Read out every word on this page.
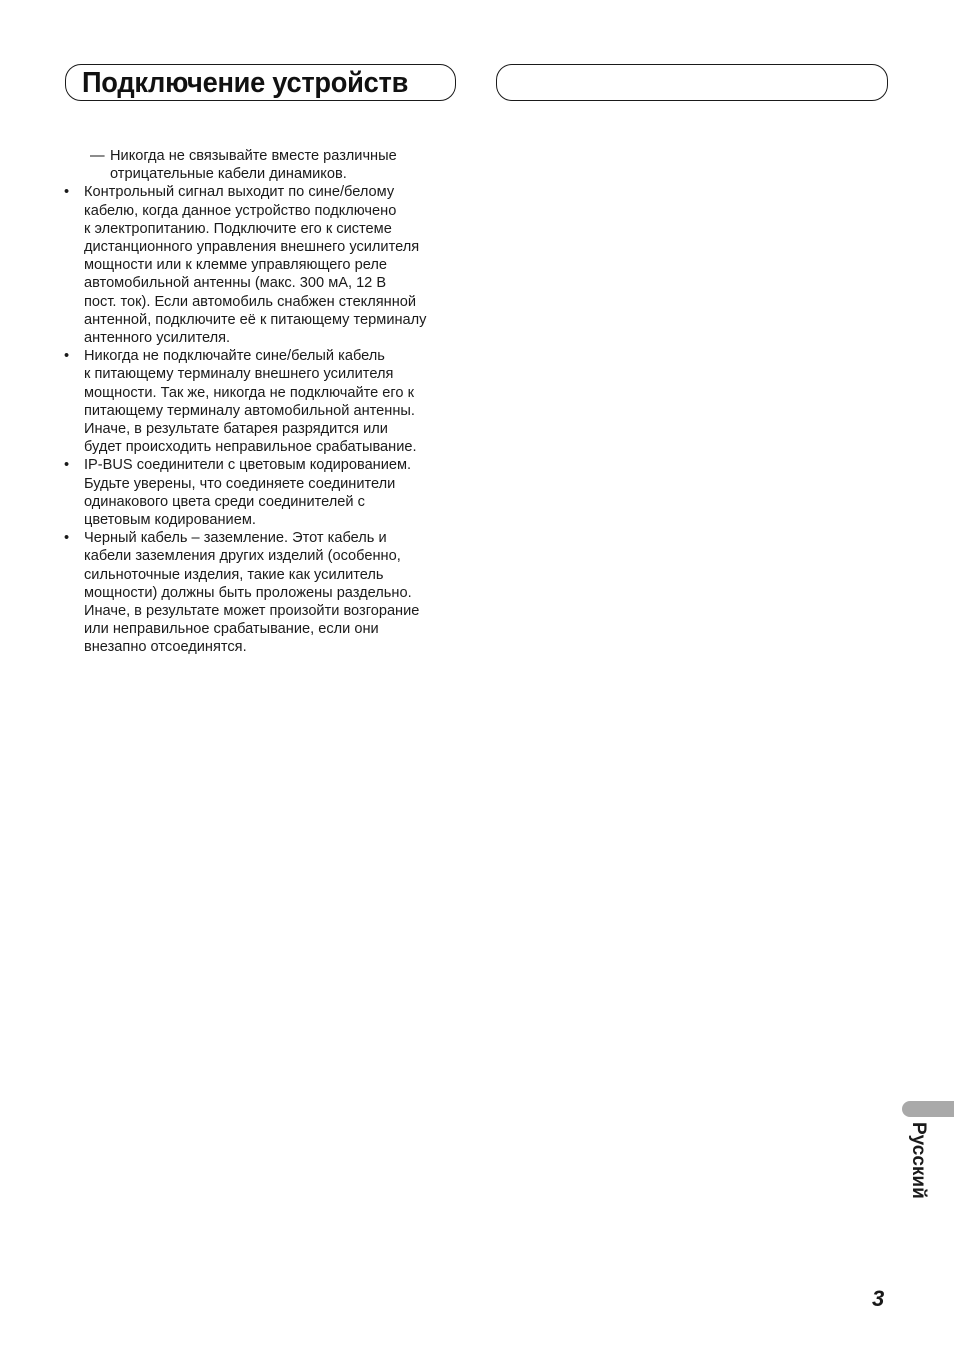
Подключение устройств
— Никогда не связывайте вместе различные
отрицательные кабели динамиков.
• Контрольный сигнал выходит по сине/белому
кабелю, когда данное устройство подключено
к электропитанию. Подключите его к системе
дистанционного управления внешнего усилителя
мощности или к клемме управляющего реле
автомобильной антенны (макс. 300 мА, 12 В
пост. ток). Если автомобиль снабжен стеклянной
антенной, подключите её к питающему терминалу
антенного усилителя.
• Никогда не подключайте сине/белый кабель
к питающему терминалу внешнего усилителя
мощности. Так же, никогда не подключайте его к
питающему терминалу автомобильной антенны.
Иначе, в результате батарея разрядится или
будет происходить неправильное срабатывание.
• IP-BUS соединители с цветовым кодированием.
Будьте уверены, что соединяете соединители
одинакового цвета среди соединителей с
цветовым кодированием.
• Черный кабель – заземление. Этот кабель и
кабели заземления других изделий (особенно,
сильноточные изделия, такие как усилитель
мощности) должны быть проложены раздельно.
Иначе, в результате может произойти возгорание
или неправильное срабатывание, если они
внезапно отсоединятся.
Русский
3
